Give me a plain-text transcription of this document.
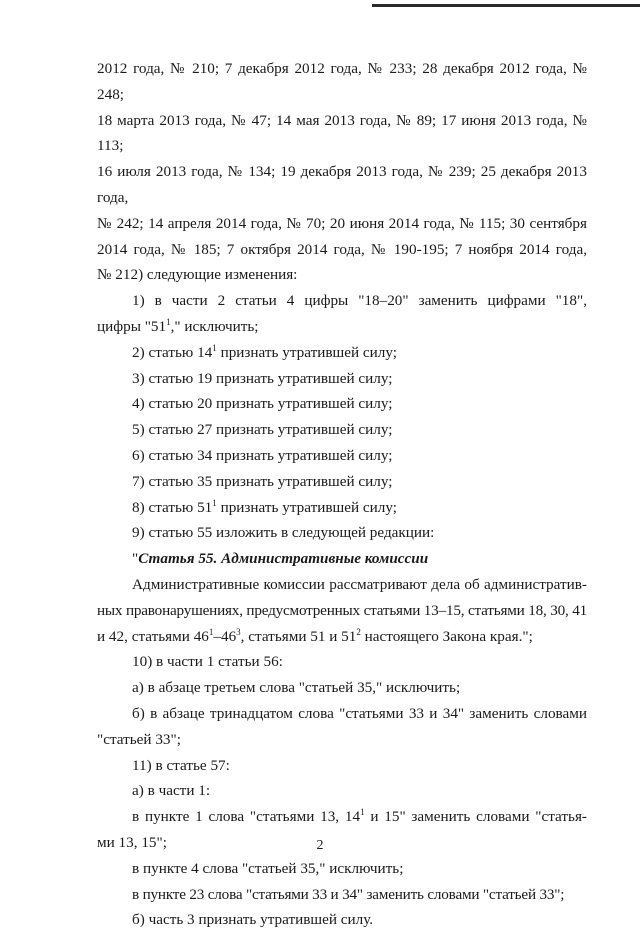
2012 года, № 210; 7 декабря 2012 года, № 233; 28 декабря 2012 года, № 248;

18 марта 2013 года, № 47; 14 мая 2013 года, № 89; 17 июня 2013 года, № 113;

16 июля 2013 года, № 134; 19 декабря 2013 года, № 239; 25 декабря 2013 года,

№ 242; 14 апреля 2014 года, № 70; 20 июня 2014 года, № 115; 30 сентября

2014 года, № 185; 7 октября 2014 года, № 190-195; 7 ноября 2014 года,

№ 212) следующие изменения:

1) в части 2 статьи 4 цифры "18–20" заменить цифрами "18",

цифры "$51^1$," исключить;

2) статью $14^1$ признать утратившей силу;

3) статью 19 признать утратившей силу;

4) статью 20 признать утратившей силу;

5) статью 27 признать утратившей силу;

6) статью 34 признать утратившей силу;

7) статью 35 признать утратившей силу;

8) статью $51^1$ признать утратившей силу;

9) статью 55 изложить в следующей редакции:

"Статья 55. Административные комиссии

Административные комиссии рассматривают дела об административ-

ных правонарушениях, предусмотренных статьями 13–15, статьями 18, 30, 41

и 42, статьями $46^1-46^3$, статьями 51 и $51^2$ настоящего Закона края.";

10) в части 1 статьи 56:

а) в абзаце третьем слова "статьей 35," исключить;

б) в абзаце тринадцатом слова "статьями 33 и 34" заменить словами

"статьей 33";

11) в статье 57:

а) в части 1:

в пункте 1 слова "статьями 13, $14^1$ и 15" заменить словами "статья-

ми 13, 15";

в пункте 4 слова "статьей 35," исключить;

в пункте 23 слова "статьями 33 и 34" заменить словами "статьей 33";

б) часть 3 признать утратившей силу.

2
